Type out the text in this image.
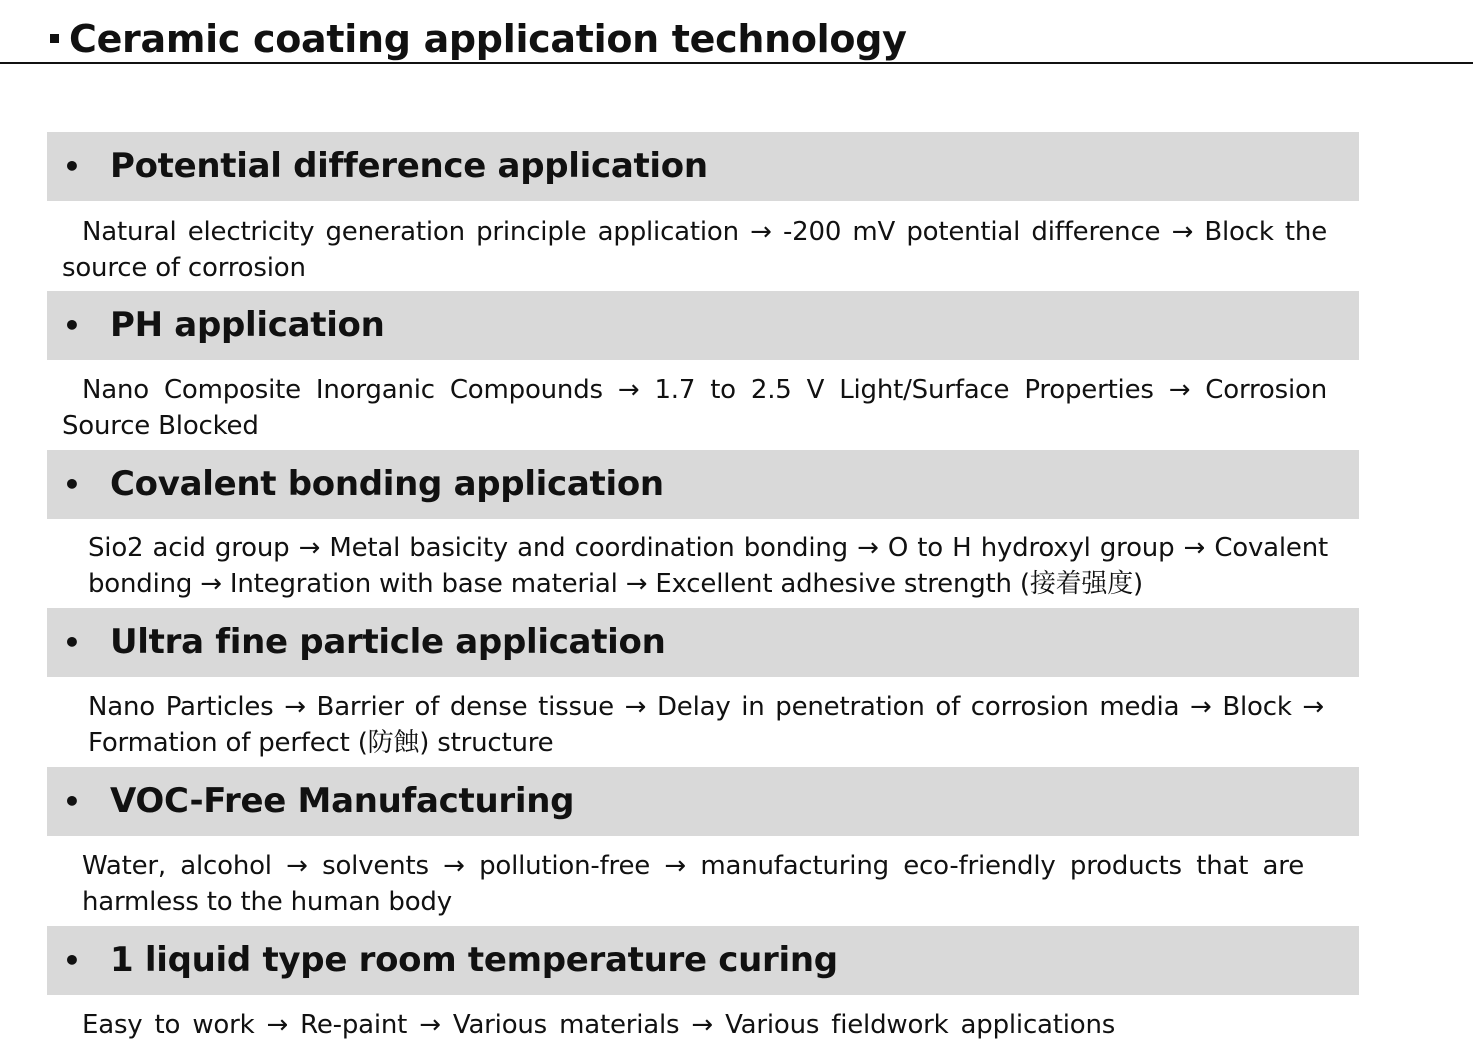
Ceramic coating application technology
• Potential difference application
Natural electricity generation principle application → -200 mV potential difference → Block the source of corrosion
• PH application
Nano Composite Inorganic Compounds → 1.7 to 2.5 V Light/Surface Properties → Corrosion Source Blocked
• Covalent bonding application
Sio2 acid group → Metal basicity and coordination bonding → O to H hydroxyl group → Covalent bonding → Integration with base material → Excellent adhesive strength (接着强度)
• Ultra fine particle application
Nano Particles → Barrier of dense tissue → Delay in penetration of corrosion media → Block → Formation of perfect (防蝕) structure
• VOC-Free Manufacturing
Water, alcohol → solvents → pollution-free → manufacturing eco-friendly products that are harmless to the human body
• 1 liquid type room temperature curing
Easy to work → Re-paint → Various materials → Various fieldwork applications
